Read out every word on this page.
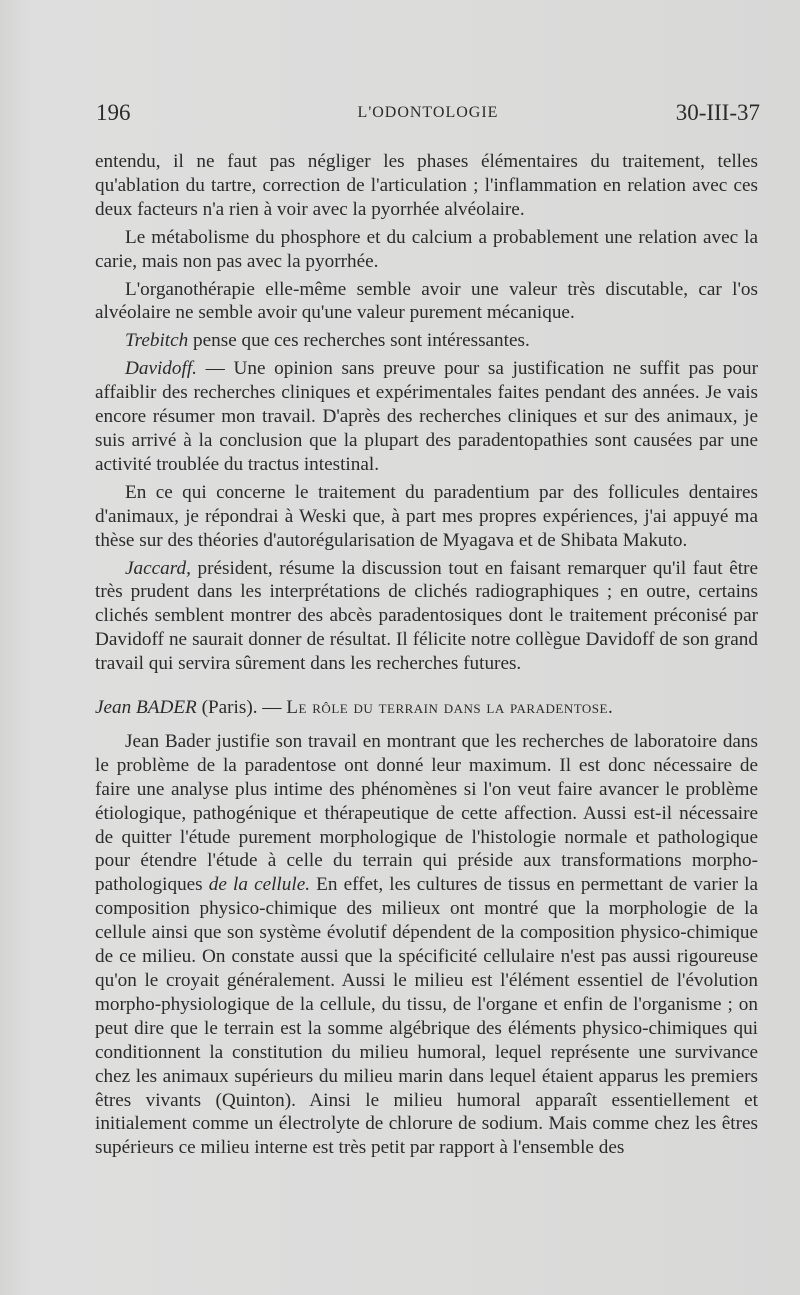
196	L'ODONTOLOGIE	30-III-37

entendu, il ne faut pas négliger les phases élémentaires du traitement, telles qu'ablation du tartre, correction de l'articulation ; l'inflammation en relation avec ces deux facteurs n'a rien à voir avec la pyorrhée alvéolaire.

Le métabolisme du phosphore et du calcium a probablement une relation avec la carie, mais non pas avec la pyorrhée.

L'organothérapie elle-même semble avoir une valeur très discutable, car l'os alvéolaire ne semble avoir qu'une valeur purement mécanique.

Trebitch pense que ces recherches sont intéressantes.

Davidoff. — Une opinion sans preuve pour sa justification ne suffit pas pour affaiblir des recherches cliniques et expérimentales faites pendant des années. Je vais encore résumer mon travail. D'après des recherches cliniques et sur des animaux, je suis arrivé à la conclusion que la plupart des paradentopathies sont causées par une activité troublée du tractus intestinal.

En ce qui concerne le traitement du paradentium par des follicules dentaires d'animaux, je répondrai à Weski que, à part mes propres expériences, j'ai appuyé ma thèse sur des théories d'autorégularisation de Myagava et de Shibata Makuto.

Jaccard, président, résume la discussion tout en faisant remarquer qu'il faut être très prudent dans les interprétations de clichés radiographiques ; en outre, certains clichés semblent montrer des abcès paradentosiques dont le traitement préconisé par Davidoff ne saurait donner de résultat. Il félicite notre collègue Davidoff de son grand travail qui servira sûrement dans les recherches futures.

Jean BADER (Paris). — Le rôle du terrain dans la paradentose.

Jean Bader justifie son travail en montrant que les recherches de laboratoire dans le problème de la paradentose ont donné leur maximum. Il est donc nécessaire de faire une analyse plus intime des phénomènes si l'on veut faire avancer le problème étiologique, pathogénique et thérapeutique de cette affection. Aussi est-il nécessaire de quitter l'étude purement morphologique de l'histologie normale et pathologique pour étendre l'étude à celle du terrain qui préside aux transformations morpho-pathologiques de la cellule. En effet, les cultures de tissus en permettant de varier la composition physico-chimique des milieux ont montré que la morphologie de la cellule ainsi que son système évolutif dépendent de la composition physico-chimique de ce milieu. On constate aussi que la spécificité cellulaire n'est pas aussi rigoureuse qu'on le croyait généralement. Aussi le milieu est l'élément essentiel de l'évolution morpho-physiologique de la cellule, du tissu, de l'organe et enfin de l'organisme ; on peut dire que le terrain est la somme algébrique des éléments physico-chimiques qui conditionnent la constitution du milieu humoral, lequel représente une survivance chez les animaux supérieurs du milieu marin dans lequel étaient apparus les premiers êtres vivants (Quinton). Ainsi le milieu humoral apparaît essentiellement et initialement comme un électrolyte de chlorure de sodium. Mais comme chez les êtres supérieurs ce milieu interne est très petit par rapport à l'ensemble des
